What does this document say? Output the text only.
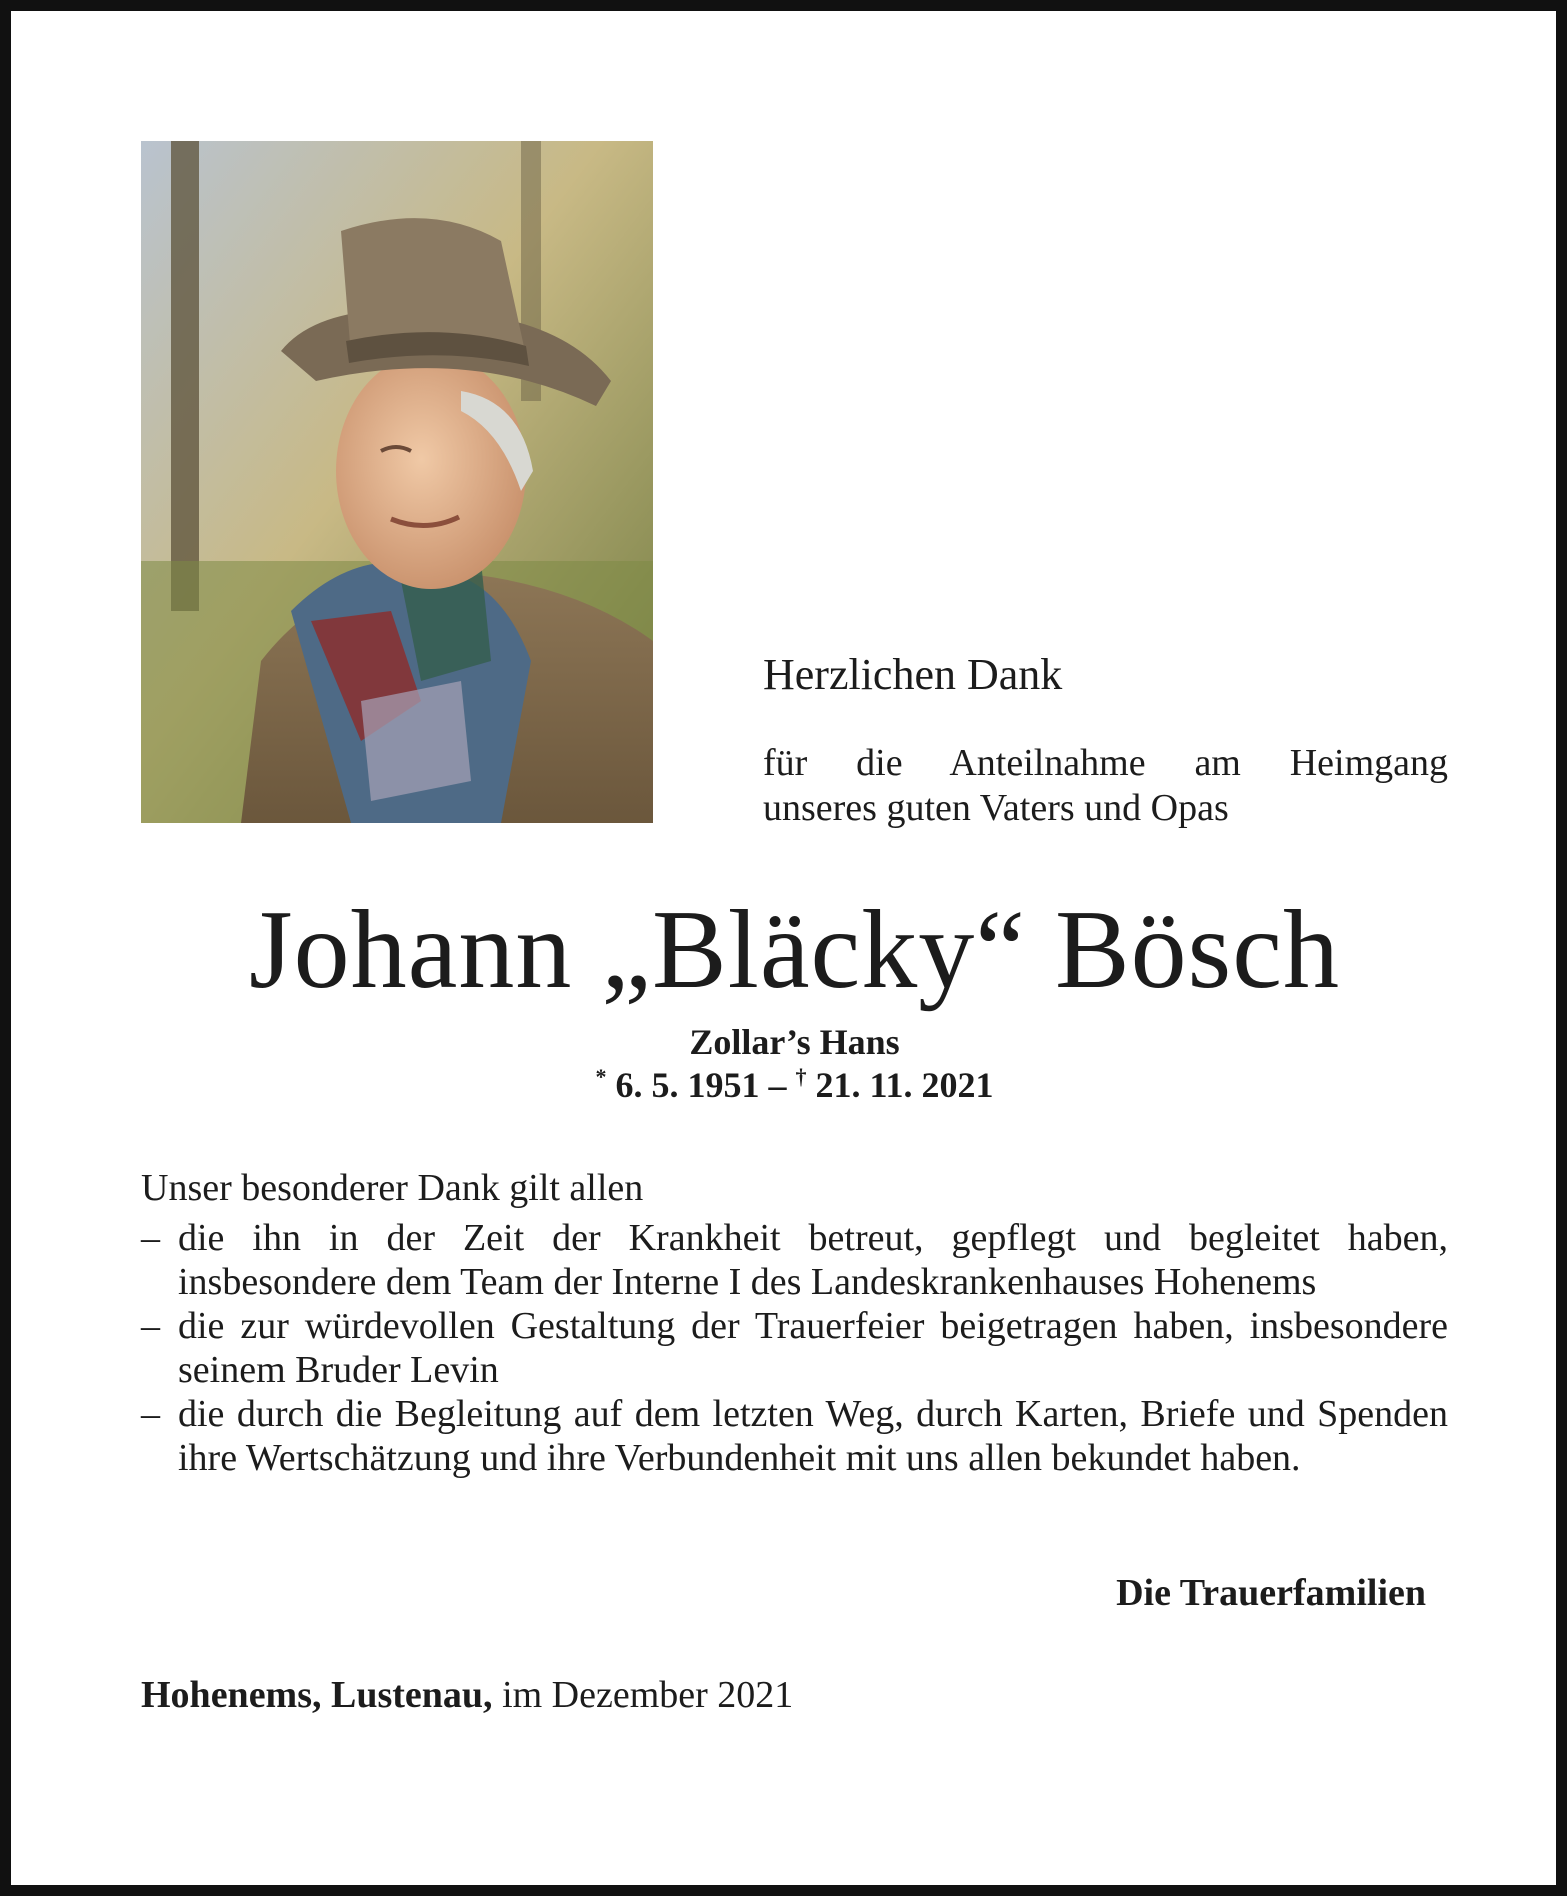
Herzlichen Dank

für die Anteilnahme am Heimgang
unseres guten Vaters und Opas

Johann „Bläcky“ Bösch
Zollar’s Hans
* 6. 5. 1951 – † 21. 11. 2021
Unser besonderer Dank gilt allen
– die ihn in der Zeit der Krankheit betreut, gepflegt und begleitet haben, insbesondere dem Team der Interne I des Landeskrankenhauses Hohenems
– die zur würdevollen Gestaltung der Trauerfeier beigetragen haben, insbesondere seinem Bruder Levin
– die durch die Begleitung auf dem letzten Weg, durch Karten, Briefe und Spenden ihre Wertschätzung und ihre Verbundenheit mit uns allen bekundet haben.
Die Trauerfamilien
Hohenems, Lustenau, im Dezember 2021
